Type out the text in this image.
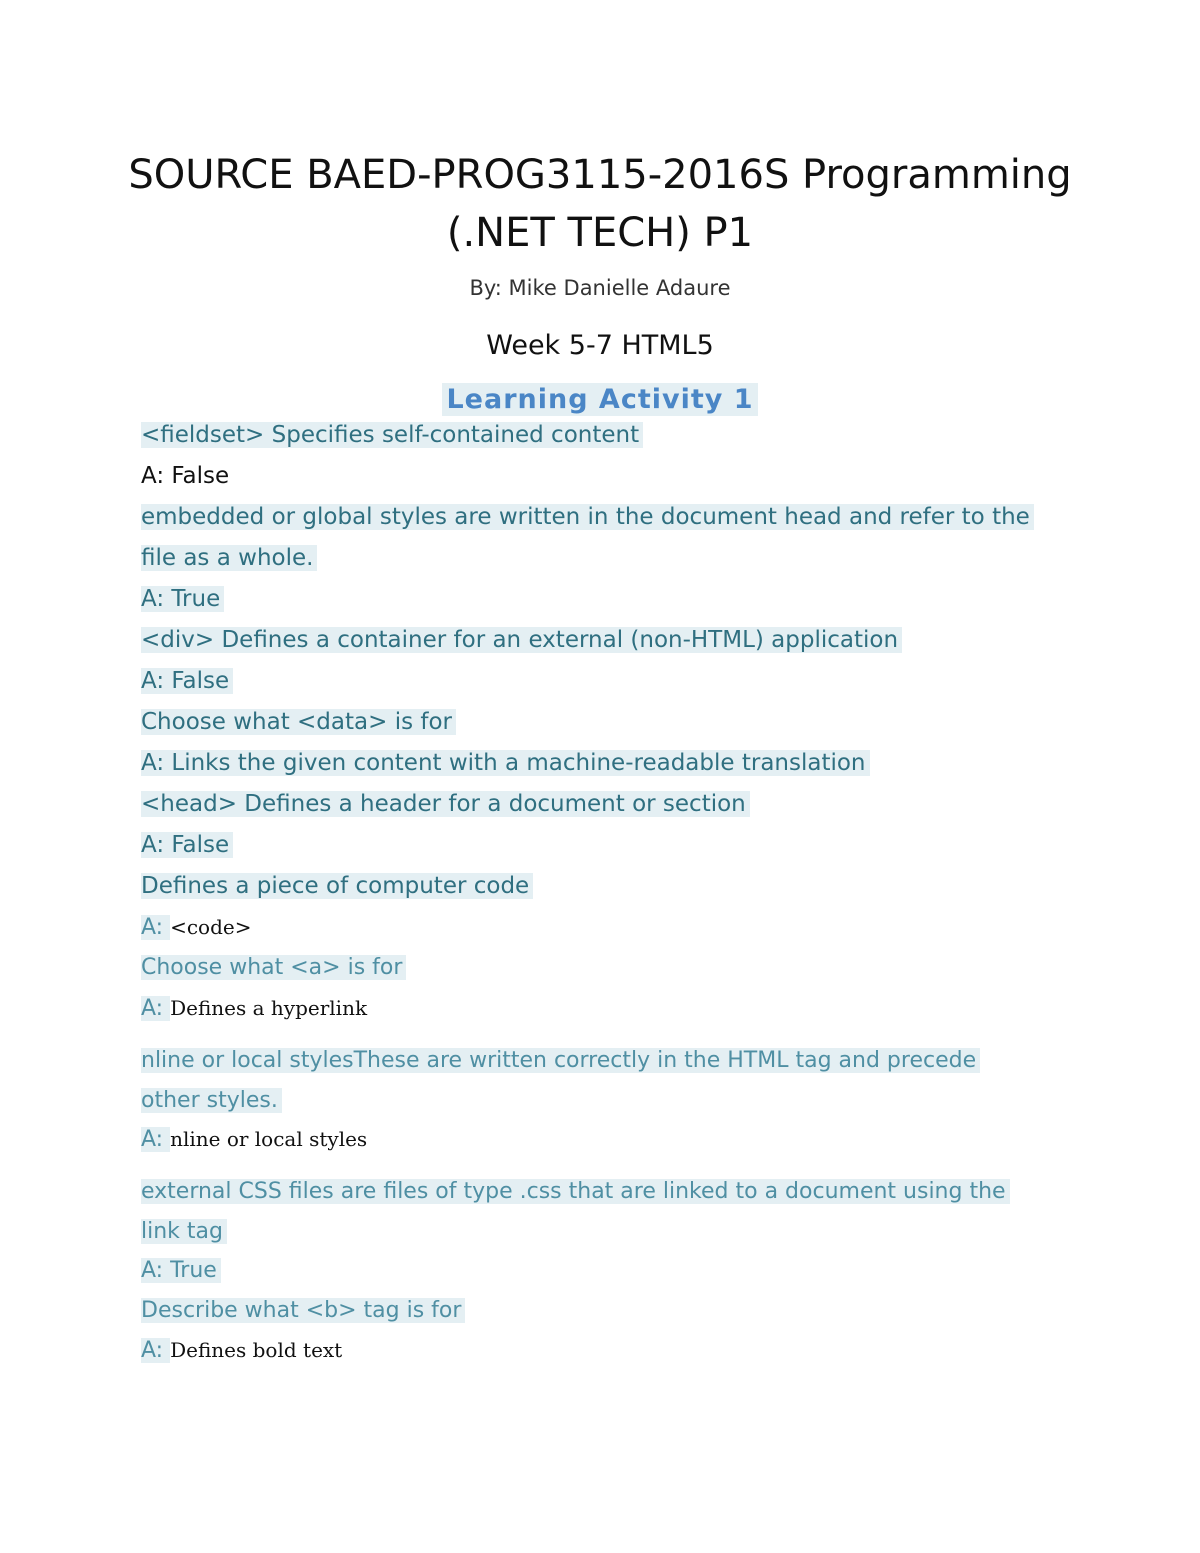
SOURCE BAED-PROG3115-2016S Programming
(.NET TECH) P1
By: Mike Danielle Adaure
Week 5-7 HTML5
Learning Activity 1
<fieldset> Specifies self-contained content
A: False
embedded or global styles are written in the document head and refer to the
file as a whole.
A: True
<div> Defines a container for an external (non-HTML) application
A: False
Choose what <data> is for
A: Links the given content with a machine-readable translation
<head> Defines a header for a document or section
A: False
Defines a piece of computer code
A: <code>
Choose what <a> is for
A: Defines a hyperlink
nline or local stylesThese are written correctly in the HTML tag and precede
other styles.
A: nline or local styles
external CSS files are files of type .css that are linked to a document using the
link tag
A: True
Describe what <b> tag is for
A: Defines bold text
